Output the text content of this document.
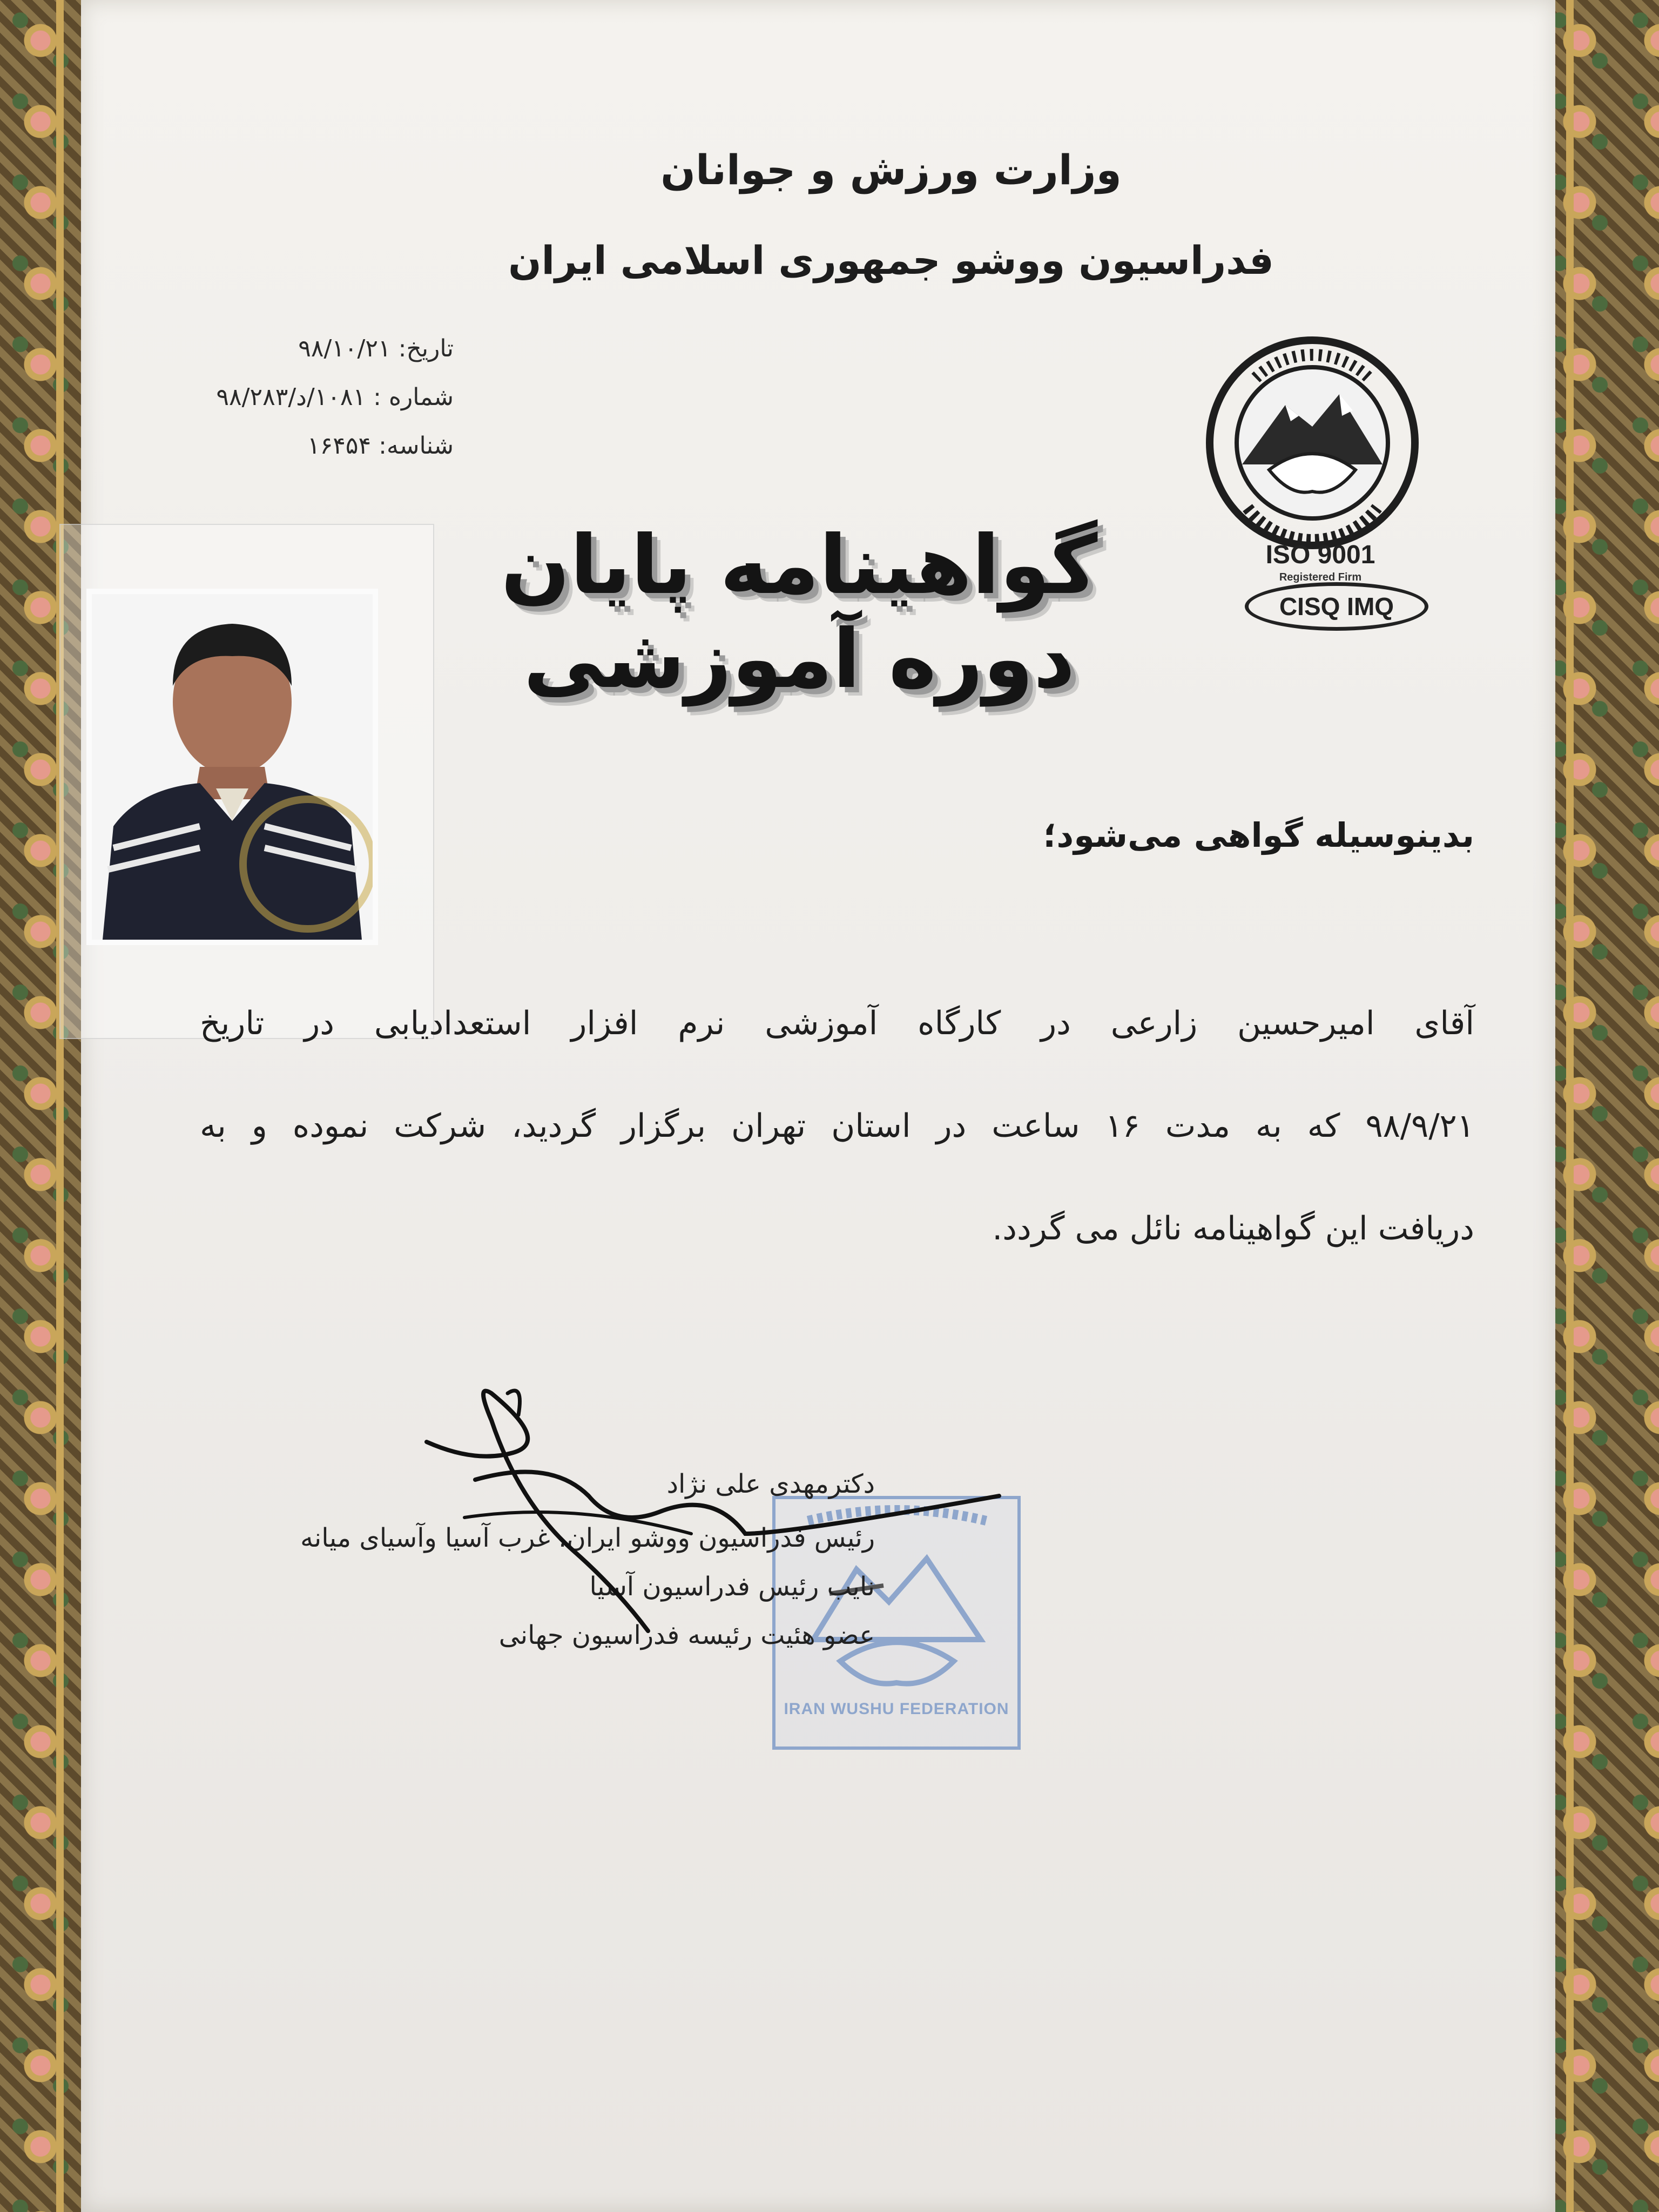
وزارت ورزش و جوانان
فدراسیون ووشو جمهوری اسلامی ایران
تاریخ: ۹۸/۱۰/۲۱
شماره : ۱۰۸۱/د/۹۸/۲۸۳
شناسه: ۱۶۴۵۴
ISO 9001
Registered Firm
CISQ IMQ
گواهینامه پایان دوره آموزشی
بدینوسیله گواهی می‌شود؛
آقای امیرحسین زارعی در کارگاه آموزشی نرم افزار استعدادیابی در تاریخ
۹۸/۹/۲۱ که به مدت ۱۶ ساعت در استان تهران برگزار گردید، شرکت نموده و به
دریافت این گواهینامه نائل می گردد.
IRAN WUSHU FEDERATION
دکترمهدی علی نژاد
رئیس فدراسیون ووشو ایران، غرب آسیا وآسیای میانه
نایب رئیس فدراسیون آسیا
عضو هئیت رئیسه فدراسیون جهانی
